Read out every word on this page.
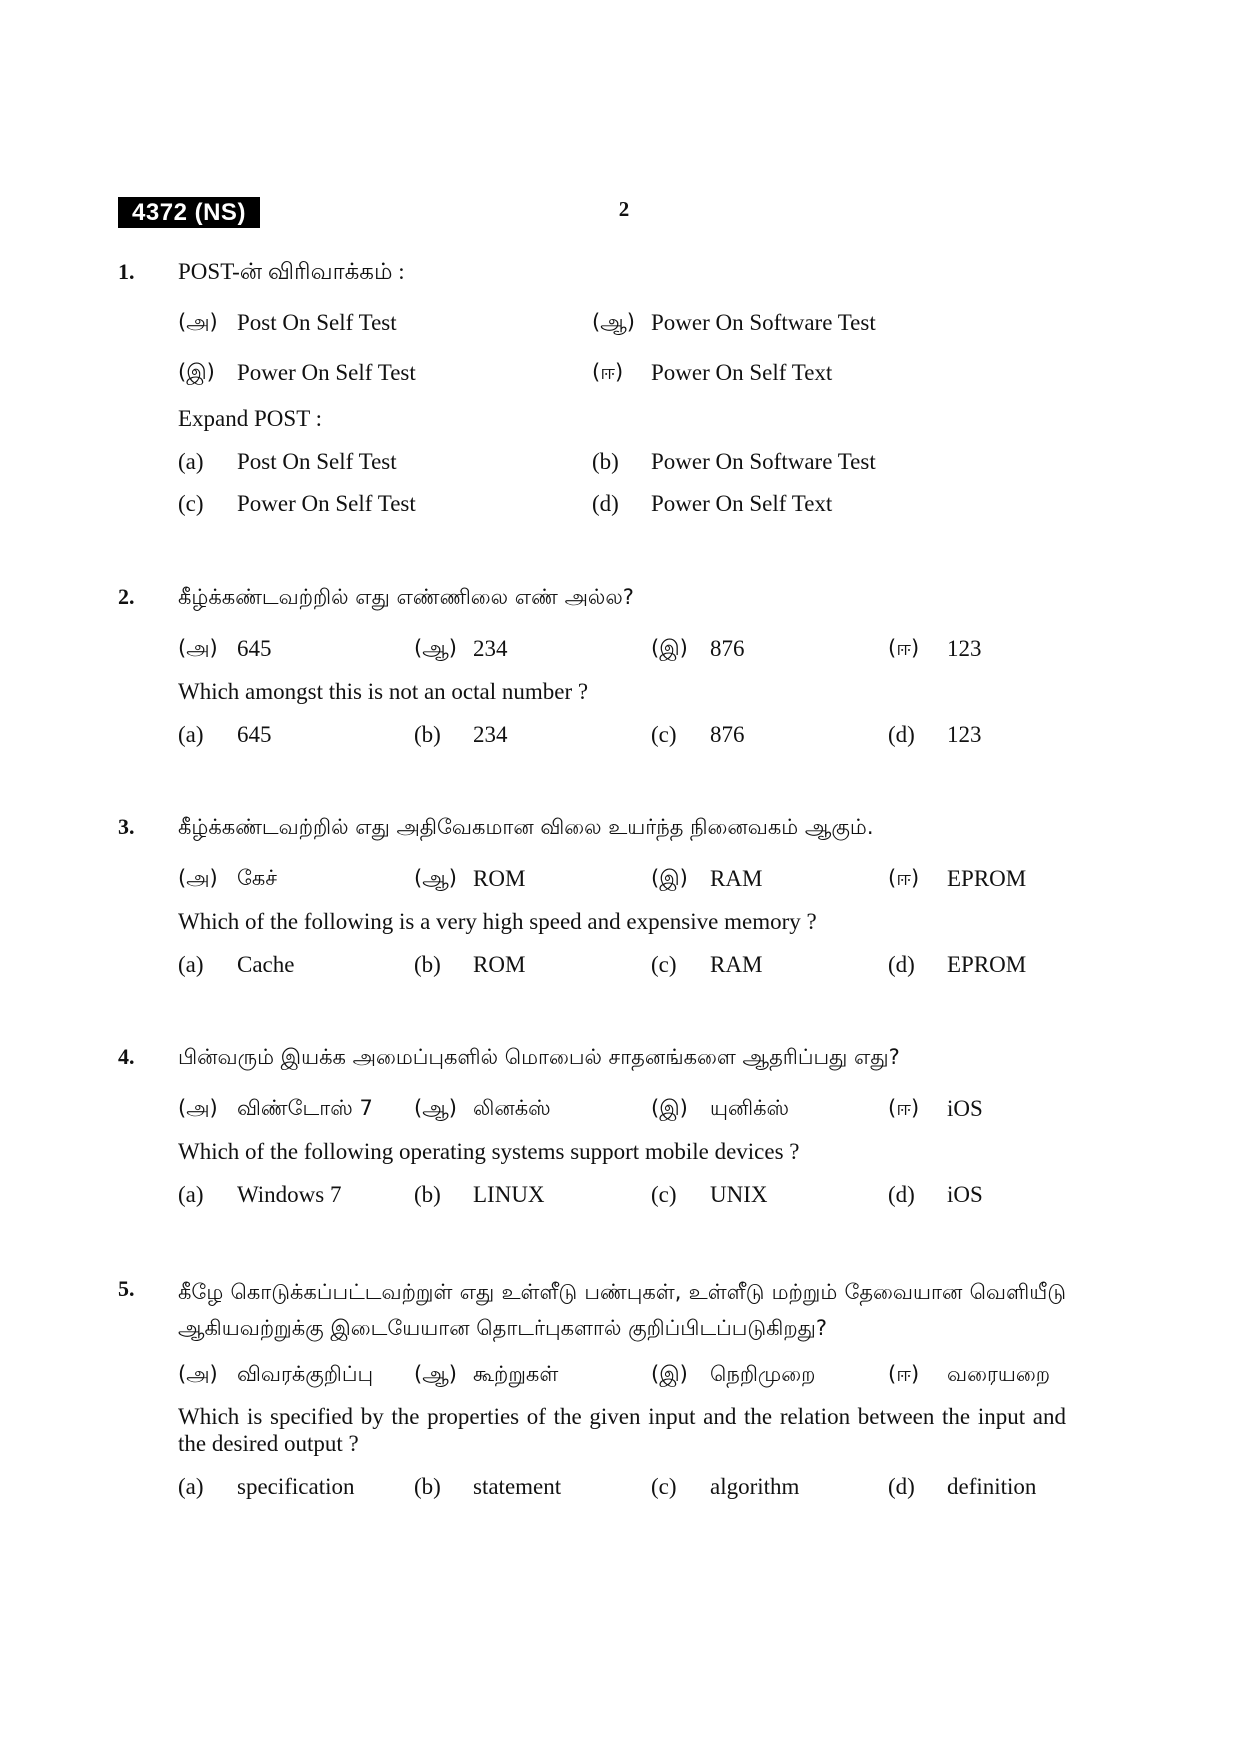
4372 (NS)	2
1. POST-ன் விரிவாக்கம் :
(அ) Post On Self Test	(ஆ) Power On Software Test
(இ) Power On Self Test	(ஈ) Power On Self Text
Expand POST :
(a) Post On Self Test	(b) Power On Software Test
(c) Power On Self Test	(d) Power On Self Text
2. கீழ்க்கண்டவற்றில் எது எண்ணிலை எண் அல்ல?
(அ) 645	(ஆ) 234	(இ) 876	(ஈ) 123
Which amongst this is not an octal number ?
(a) 645	(b) 234	(c) 876	(d) 123
3. கீழ்க்கண்டவற்றில் எது அதிவேகமான விலை உயர்ந்த நினைவகம் ஆகும்.
(அ) கேச்	(ஆ) ROM	(இ) RAM	(ஈ) EPROM
Which of the following is a very high speed and expensive memory ?
(a) Cache	(b) ROM	(c) RAM	(d) EPROM
4. பின்வரும் இயக்க அமைப்புகளில் மொபைல் சாதனங்களை ஆதரிப்பது எது?
(அ) விண்டோஸ் 7 (ஆ) லினக்ஸ்	(இ) யுனிக்ஸ்	(ஈ) iOS
Which of the following operating systems support mobile devices ?
(a) Windows 7	(b) LINUX	(c) UNIX	(d) iOS
5. கீழே கொடுக்கப்பட்டவற்றுள் எது உள்ளீடு பண்புகள், உள்ளீடு மற்றும் தேவையான வெளியீடு ஆகியவற்றுக்கு இடையேயான தொடர்புகளால் குறிப்பிடப்படுகிறது?
(அ) விவரக்குறிப்பு (ஆ) கூற்றுகள்	(இ) நெறிமுறை	(ஈ) வரையறை
Which is specified by the properties of the given input and the relation between the input and the desired output ?
(a) specification	(b) statement	(c) algorithm	(d) definition
